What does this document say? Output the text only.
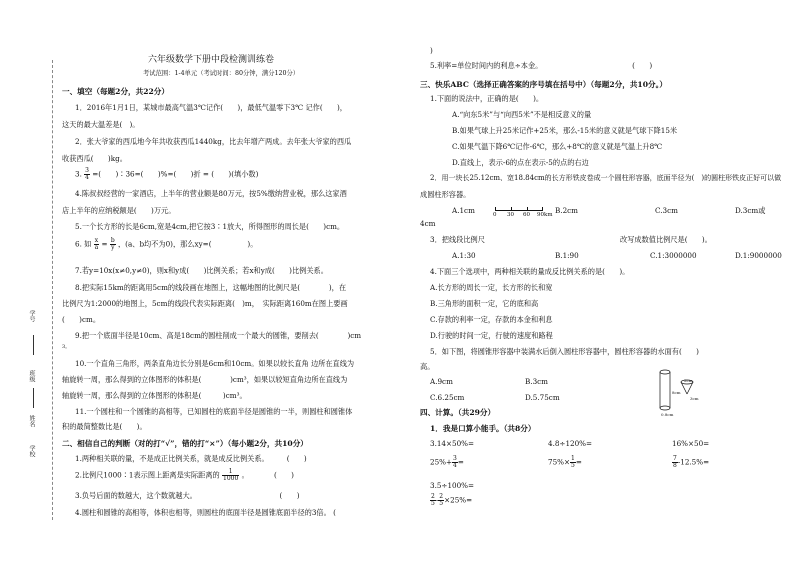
六年级数学下册中段检测训练卷
考试范围：1-4单元（考试时间：80分钟，满分120分）
学号
班级
姓名
学校
一、填空（每题2分，共22分）
1．2016年1月1日，某城市最高气温3℃记作(　　)，最低气温零下3℃ 记作(　　)，
这天的最大温差是(　)。
2．张大爷家的西瓜地今年共收获西瓜1440kg，比去年增产两成。去年张大爷家的西瓜
收获西瓜(　　)kg。
3. $\frac{3}{4}$ =(　　)∶36=(　　)%=(　　)折 = (　　)(填小数)
4.陈叔叔经营的一家酒店，上半年的营业额是80万元，按5%缴纳营业税，那么这家酒
店上半年的应纳税额是(　　)万元。
5.一个长方形的长是6cm,宽是4cm,把它按3∶1放大，所得图形的周长是(　　)cm。
6. 如 $\frac{x}{a} = \frac{b}{y}$ ，(a、b均不为0)，那么xy=(　　　　　)。
7.若y=10x(x≠0,y≠0)，则x和y成(　　)比例关系；若x和y成(　　)比例关系。
8.把实际15km的距离用5cm的线段画在地图上，这幅地图的比例尺是(　　　　)，在
比例尺为1:2000的地图上，5cm的线段代表实际距离(　)m，　实际距离160m在图上要画
(　　)cm。
9.把一个底面半径是10cm、高是18cm的圆柱削成一个最大的圆锥，要削去(　　　　)cm
3。
10.一个直角三角形，两条直角边长分别是6cm和10cm。如果以较长直角 边所在直线为
轴旋转一周，那么得到的立体图形的体积是(　　　　)cm³，如果以较短直角边所在直线为
轴旋转一周，那么得到的立体图形的体积是(　　　)cm³。
11.一个圆柱和一个圆锥的高相等，已知圆柱的底面半径是圆锥的一半，则圆柱和圆锥体
积的最简整数比是(　　)。
二、相信自己的判断（对的打“√”，错的打“×”）（每小题2分，共10分）
1.两种相关联的量，不是成正比例关系，就是成反比例关系。　　　(　　)
2.比例尺1000∶1表示图上距离是实际距离的 $\frac{1}{1000}$ 。　　　　(　　)
3.负号后面的数越大，这个数就越大。　　　　　　　　　　　　(　　)
4.圆柱和圆锥的高相等，体积也相等，则圆柱的底面半径是圆锥底面半径的3倍。 (
)
5.利率=单位时间内的利息÷本金。　　　　　　　　　　　　　(　　)
三、快乐ABC（选择正确答案的序号填在括号中）（每题2分，共10分。）
1.下面的说法中，正确的是(　　)。
A.“向东5米”与“向西5米”不是相反意义的量
B.如果气球上升25米记作+25米，那么-15米的意义就是气球下降15米
C.如果气温下降6℃记作-6℃，那么+8℃的意义就是气温上升8℃
D.直线上，表示-6的点在表示-5的点的右边
2．用一块长25.12cm、宽18.84cm的长方形铁皮卷成一个圆柱形容器，底面半径为(　)的圆柱形铁皮正好可以做
成圆柱形容器。
A.1cm	B.2cm	C.3cm	D.3cm或
4cm
0 30 60 90km
3．把线段比例尺	改写成数值比例尺是(　　)。
A.1:30	B.1:90	C.1:3000000	D.1:9000000
4.下面三个选项中，两种相关联的量成反比例关系的是(　　)。
A.长方形的周长一定，长方形的长和宽
B.三角形的面积一定，它的底和高
C.存款的利率一定，存款的本金和利息
D.行驶的时间一定，行驶的速度和路程
5．如下图，将圆锥形容器中装满水后倒入圆柱形容器中，圆柱形容器的水面有(　　)
高。
A.9cm	B.3cm
C.6.25cm	D.5.75cm
8cm
3cm
2cm
0.8cm
四、计算。（共29分）
1．我是口算小能手。（共8分）
3.14×50%=	4.8÷120%=	16%×50=
$25\%+ \frac{3}{4}$ =	$75\%\times \frac{1}{5}$ =	$\frac{7}{8} -12.5\%=$
3.5÷100%=
$\frac{2}{5} - \frac{2}{5} \times 25\%=$
